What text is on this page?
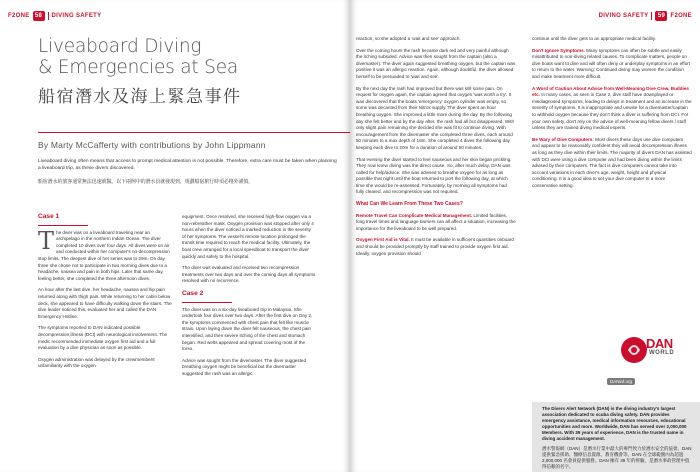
F2ONE 58	DIVING SAFETY
Liveaboard Diving
& Emergencies at Sea
船宿潛水及海上緊急事件
By Marty McCafferty with contributions by John Lippmann
Liveaboard diving often means that access to prompt medical attention is not possible. Therefore, extra care must be taken when planning a liveaboard trip, as these divers discovered.
船宿潛水的旅客通常無法迅速就醫。以下兩例中的潛水員就發現到，規劃船宿旅行時須必格外謹慎。
Case 1

The diver was on a liveaboard traveling near an archipelago in the northern Indian Ocean. The diver completed 10 dives over four days. All dives were on air and conducted within her computer's no-decompression stop limits. The deepest dive of her series was to 29m. On day three she chose not to participate in two morning dives due to a headache, nausea and pain in both hips. Later that same day, feeling better, she completed the three afternoon dives.

An hour after the last dive, her headache, nausea and hip pain returned along with thigh pain. While returning to her cabin below deck, she appeared to have difficulty walking down the stairs. The dive leader noticed this, evaluated her and called the DAN Emergency Hotline.

The symptoms reported to DAN indicated possible decompression illness (DCI) with neurological involvement. The medic recommended immediate oxygen first aid and a full evaluation by a dive physician as soon as possible.

Oxygen administration was delayed by the crewmembers' unfamiliarity with the oxygen

equipment. Once resolved, she received high-flow oxygen via a non-rebreather mask. Oxygen provision was stopped after only 4 hours when the diver noticed a marked reduction in the severity of her symptoms. The vessel's remote location prolonged the transit time required to reach the medical facility. Ultimately, the boat crew arranged for a local speedboat to transport the diver quickly and safely to the hospital.

The diver was evaluated and received two recompression treatments over two days and over the coming days all symptoms resolved with no recurrence.

Case 2

The diver was on a six-day liveaboard trip in Malaysia. She undertook four dives over two days. After the first dive on Day 2, the symptoms commenced with chest pain that felt like muscle strain. Upon laying down the diver felt nauseous, the chest pain intensified, and then severe itching of the chest and stomach began. Red welts appeared and spread covering most of the torso.

Advice was sought from the divemaster. The diver suggested breathing oxygen might be beneficial but the divemaster suggested the rash was an allergic

DIVING SAFETY	59 F2ONE

reaction, so she adopted a 'wait and see' approach.

Over the coming hours the rash became dark red and very painful although the itching subsided. Advice was then sought from the captain (also a divemaster). The diver again suggested breathing oxygen, but the captain was positive it was an allergic reaction. Again, although doubtful, the diver allowed herself to be persuaded to 'wait and see'.

By the next day the rash had improved but there was still some pain. On request for oxygen again, the captain agreed that oxygen 'was worth a try'. It was discovered that the boats 'emergency' oxygen cylinder was empty, so some was decanted from their Nitrox supply. The diver spent an hour breathing oxygen. She improved a little more during the day. By the following day she felt better and by the day after, the rash had all but disappeared. With only slight pain remaining she decided she was fit to continue diving. With encouragement from the divemaster she completed three dives, each around 50 minutes to a max depth of 18m. She completed 4 dives the following day keeping each dive to 20m for a duration of around 50 minutes.

That evening the diver started to feel nauseous and her skin began prickling. They now knew diving was the direct cause. So, after much delay, DAN was called for help/advice. She was advised to breathe oxygen for as long as possible that night until the boat returned to port the following day, at which time she would be re-assessed. Fortunately, by morning all symptoms had fully cleared, and recompression was not required.

What Can We Learn From These Two Cases?

Remote Travel Can Complicate Medical Management. Limited facilities, long travel times and language barriers can all affect a situation, increasing the importance for the liveaboard to be well prepared.

Oxygen First Aid is Vital. It must be available in sufficient quantities onboard and should be provided promptly by staff trained to provide oxygen first aid. Ideally, oxygen provision should

continue until the diver gets to an appropriate medical facility.

Don't Ignore Symptoms. Many symptoms can often be subtle and easily misattributed to non-diving related causes. To complicate matters, people on dive boats want to dive and will often deny or underplay symptoms in an effort to return to the water. Warning: Continued diving may worsen the condition and make treatment more difficult.

A Word of Caution About Advice from Well-Meaning Dive Crew, Buddies etc. In many cases, as seen in Case 2, dive staff have downplayed or misdiagnosed symptoms, leading to delays in treatment and an increase in the severity of symptoms. It is inappropriate and unwise for a divemaster/captain to withhold oxygen because they don't think a diver is suffering from DCI. For your own safety, don't rely on the advice of well-meaning fellow divers / staff unless they are trained diving medical experts.

Be Wary of Dive Computers: Most divers these days use dive computers and appear to be reasonably confident they will avoid decompression illness as long as they dive within their limits. The majority of divers DAN has assisted with DCI were using a dive computer and had been diving within the limits advised by their computers. The fact is dive computers cannot take into account variations in each diver's age, weight, height and physical conditioning. It is a good idea to set your dive computer to a more conservative setting.

DAN
WORLD
DANinf.org
The Divers Alert Network (DAN) is the diving industry's largest association dedicated to scuba diving safety. DAN provides emergency assistance, medical information resources, educational opportunities and more. Worldwide, DAN has served over 2,000,000 Members. With 39 years of experience, DAN is the trusted name in diving accident management.
潛水警報網（DAN）是潛水行業中最大的專門致力於潛水安全的協會。DAN 提供緊急援助、醫療信息資源、教育機會等。DAN 在全球範圍內為超過 2,000,000 名會員提供服務。DAN 擁有 39 年的經驗，是潛水事故管理中值得信賴的名字。
